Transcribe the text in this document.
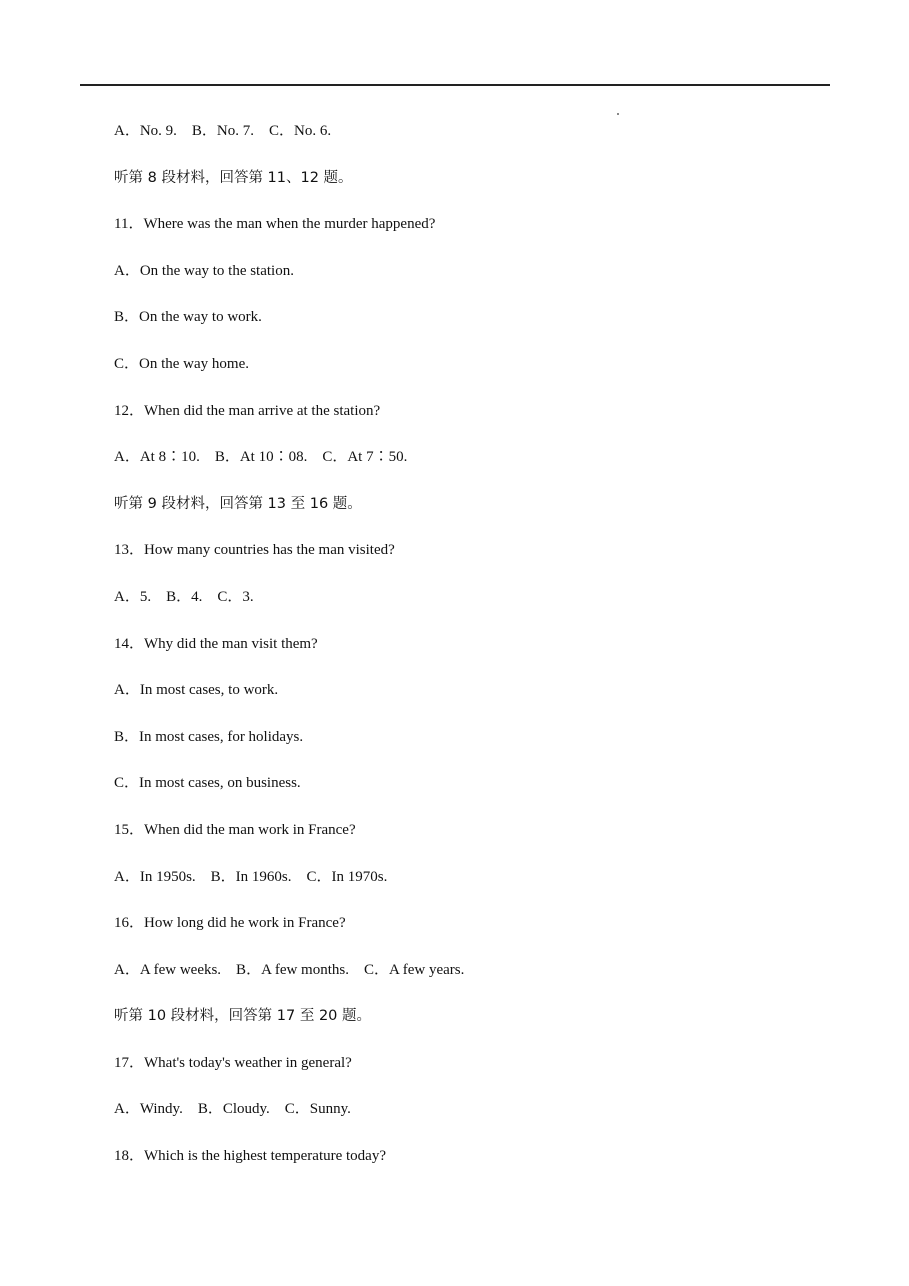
A．No. 9.    B．No. 7.    C．No. 6.
听第 8 段材料，回答第 11、12 题。
11．Where was the man when the murder happened?
A．On the way to the station.
B．On the way to work.
C．On the way home.
12．When did the man arrive at the station?
A．At 8∶10.    B．At 10∶08.    C．At 7∶50.
听第 9 段材料，回答第 13 至 16 题。
13．How many countries has the man visited?
A．5.    B．4.    C．3.
14．Why did the man visit them?
A．In most cases, to work.
B．In most cases, for holidays.
C．In most cases, on business.
15．When did the man work in France?
A．In 1950s.    B．In 1960s.    C．In 1970s.
16．How long did he work in France?
A．A few weeks.    B．A few months.    C．A few years.
听第 10 段材料，回答第 17 至 20 题。
17．What's today's weather in general?
A．Windy.    B．Cloudy.    C．Sunny.
18．Which is the highest temperature today?
